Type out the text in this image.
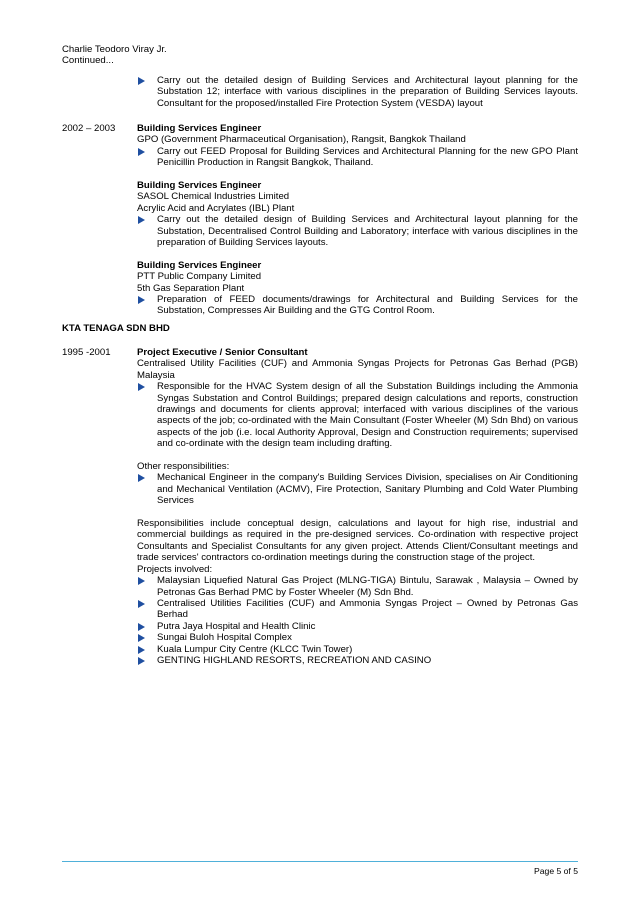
Charlie Teodoro Viray Jr.
Continued...
Carry out the detailed design of Building Services and Architectural layout planning for the Substation 12; interface with various disciplines in the preparation of Building Services layouts. Consultant for the proposed/installed Fire Protection System (VESDA) layout
2002 – 2003	Building Services Engineer
GPO (Government Pharmaceutical Organisation), Rangsit, Bangkok Thailand
Carry out FEED Proposal for Building Services and Architectural Planning for the new GPO Plant Penicillin Production in Rangsit Bangkok, Thailand.
Building Services Engineer
SASOL Chemical Industries Limited
Acrylic Acid and Acrylates (IBL) Plant
Carry out the detailed design of Building Services and Architectural layout planning for the Substation, Decentralised Control Building and Laboratory; interface with various disciplines in the preparation of Building Services layouts.
Building Services Engineer
PTT Public Company Limited
5th Gas Separation Plant
Preparation of FEED documents/drawings for Architectural and Building Services for the Substation, Compresses Air Building and the GTG Control Room.
KTA TENAGA SDN BHD
1995 -2001	Project Executive / Senior Consultant
Centralised Utility Facilities (CUF) and Ammonia Syngas Projects for Petronas Gas Berhad (PGB) Malaysia
Responsible for the HVAC System design of all the Substation Buildings including the Ammonia Syngas Substation and Control Buildings; prepared design calculations and reports, construction drawings and documents for clients approval; interfaced with various disciplines of the various aspects of the job; co-ordinated with the Main Consultant (Foster Wheeler (M) Sdn Bhd) on various aspects of the job (i.e. local Authority Approval, Design and Construction requirements; supervised and co-ordinate with the design team including drafting.
Other responsibilities:
Mechanical Engineer in the company's Building Services Division, specialises on Air Conditioning and Mechanical Ventilation (ACMV), Fire Protection, Sanitary Plumbing and Cold Water Plumbing Services
Responsibilities include conceptual design, calculations and layout for high rise, industrial and commercial buildings as required in the pre-designed services. Co-ordination with respective project Consultants and Specialist Consultants for any given project. Attends Client/Consultant meetings and trade services' contractors co-ordination meetings during the construction stage of the project.
Projects involved:
Malaysian Liquefied Natural Gas Project (MLNG-TIGA) Bintulu, Sarawak , Malaysia – Owned by Petronas Gas Berhad PMC by Foster Wheeler (M) Sdn Bhd.
Centralised Utilities Facilities (CUF) and Ammonia Syngas Project – Owned by Petronas Gas Berhad
Putra Jaya Hospital and Health Clinic
Sungai Buloh Hospital Complex
Kuala Lumpur City Centre (KLCC Twin Tower)
GENTING HIGHLAND RESORTS, RECREATION AND CASINO
Page 5 of 5
